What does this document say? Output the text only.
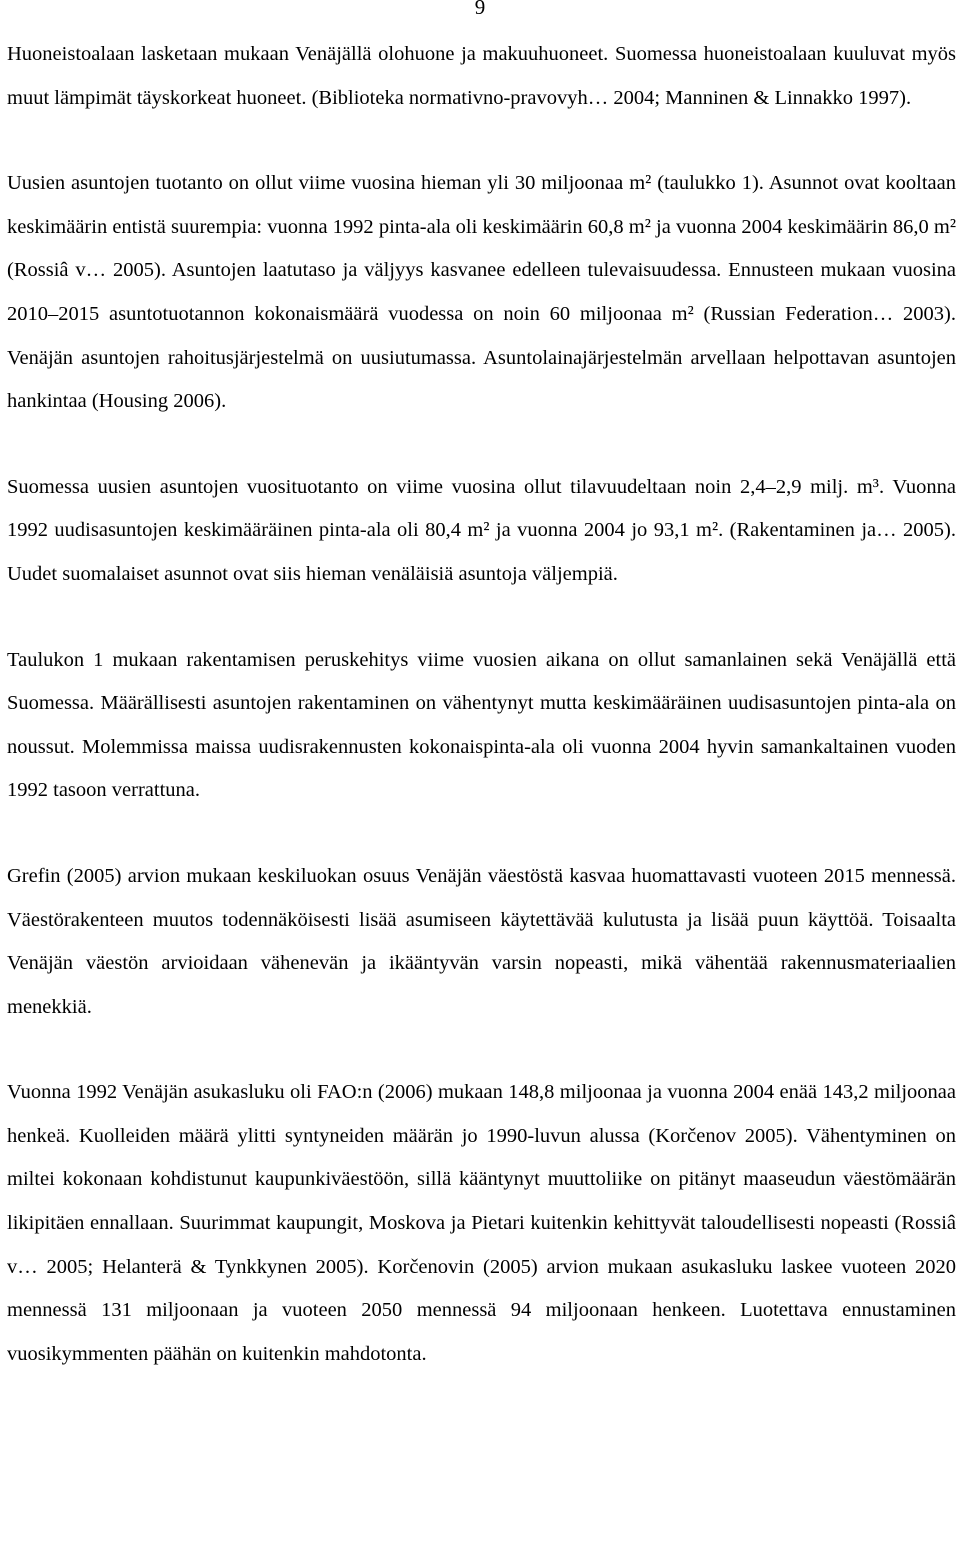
9

Huoneistoalaan lasketaan mukaan Venäjällä olohuone ja makuuhuoneet. Suomessa huoneistoalaan kuuluvat myös muut lämpimät täyskorkeat huoneet. (Biblioteka normativno-pravovyh… 2004; Manninen & Linnakko 1997).

Uusien asuntojen tuotanto on ollut viime vuosina hieman yli 30 miljoonaa m² (taulukko 1). Asunnot ovat kooltaan keskimäärin entistä suurempia: vuonna 1992 pinta-ala oli keskimäärin 60,8 m² ja vuonna 2004 keskimäärin 86,0 m² (Rossiâ v… 2005). Asuntojen laatutaso ja väljyys kasvanee edelleen tulevaisuudessa. Ennusteen mukaan vuosina 2010–2015 asuntotuotannon kokonaismäärä vuodessa on noin 60 miljoonaa m² (Russian Federation… 2003). Venäjän asuntojen rahoitusjärjestelmä on uusiutumassa. Asuntolainajärjestelmän arvellaan helpottavan asuntojen hankintaa (Housing 2006).

Suomessa uusien asuntojen vuosituotanto on viime vuosina ollut tilavuudeltaan noin 2,4–2,9 milj. m³. Vuonna 1992 uudisasuntojen keskimääräinen pinta-ala oli 80,4 m² ja vuonna 2004 jo 93,1 m². (Rakentaminen ja… 2005). Uudet suomalaiset asunnot ovat siis hieman venäläisiä asuntoja väljempiä.

Taulukon 1 mukaan rakentamisen peruskehitys viime vuosien aikana on ollut samanlainen sekä Venäjällä että Suomessa. Määrällisesti asuntojen rakentaminen on vähentynyt mutta keskimääräinen uudisasuntojen pinta-ala on noussut. Molemmissa maissa uudisrakennusten kokonaispinta-ala oli vuonna 2004 hyvin samankaltainen vuoden 1992 tasoon verrattuna.

Grefin (2005) arvion mukaan keskiluokan osuus Venäjän väestöstä kasvaa huomattavasti vuoteen 2015 mennessä. Väestörakenteen muutos todennäköisesti lisää asumiseen käytettävää kulutusta ja lisää puun käyttöä. Toisaalta Venäjän väestön arvioidaan vähenevän ja ikääntyvän varsin nopeasti, mikä vähentää rakennusmateriaalien menekkiä.

Vuonna 1992 Venäjän asukasluku oli FAO:n (2006) mukaan 148,8 miljoonaa ja vuonna 2004 enää 143,2 miljoonaa henkeä. Kuolleiden määrä ylitti syntyneiden määrän jo 1990-luvun alussa (Korčenov 2005). Vähentyminen on miltei kokonaan kohdistunut kaupunkiväestöön, sillä kääntynyt muuttoliike on pitänyt maaseudun väestömäärän likipitäen ennallaan. Suurimmat kaupungit, Moskova ja Pietari kuitenkin kehittyvät taloudellisesti nopeasti (Rossiâ v… 2005; Helanterä & Tynkkynen 2005). Korčenovin (2005) arvion mukaan asukasluku laskee vuoteen 2020 mennessä 131 miljoonaan ja vuoteen 2050 mennessä 94 miljoonaan henkeen. Luotettava ennustaminen vuosikymmenten päähän on kuitenkin mahdotonta.
